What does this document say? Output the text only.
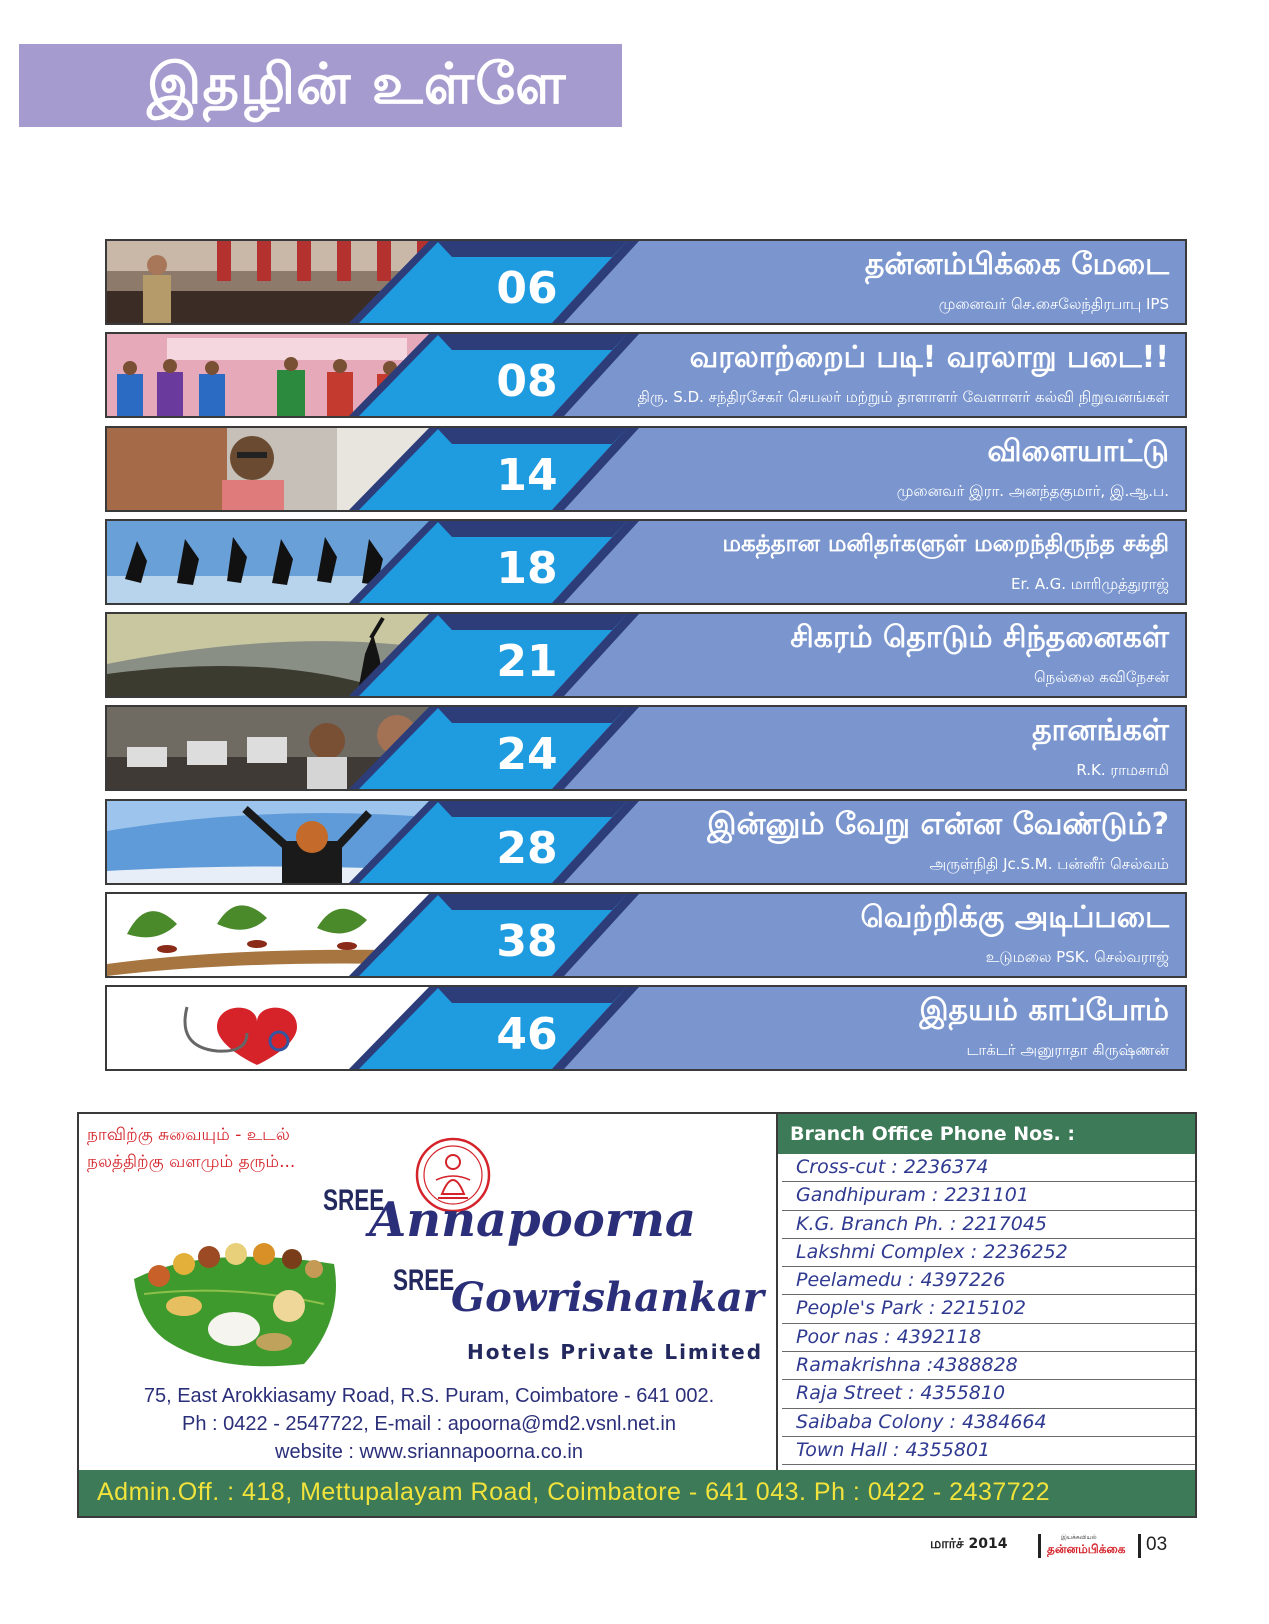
இதழின் உள்ளே
06	தன்னம்பிக்கை மேடை
முனைவர் செ.சைலேந்திரபாபு IPS
08	வரலாற்றைப் படி! வரலாறு படை!!
திரு. S.D. சந்திரசேகர் செயலர் மற்றும் தாளாளர் வேளாளர் கல்வி நிறுவனங்கள்
14	விளையாட்டு
முனைவர் இரா. அனந்தகுமார், இ.ஆ.ப.
18	மகத்தான மனிதர்களுள் மறைந்திருந்த சக்தி
Er. A.G. மாரிமுத்துராஜ்
21	சிகரம் தொடும் சிந்தனைகள்
நெல்லை கவிநேசன்
24	தானங்கள்
R.K. ராமசாமி
28	இன்னும் வேறு என்ன வேண்டும்?
அருள்நிதி Jc.S.M. பன்னீர் செல்வம்
38	வெற்றிக்கு அடிப்படை
உடுமலை PSK. செல்வராஜ்
46	இதயம் காப்போம்
டாக்டர் அனுராதா கிருஷ்ணன்
நாவிற்கு சுவையும் - உடல்
நலத்திற்கு வளமும் தரும்...
SREE
Annapoorna
SREE
Gowrishankar
Hotels Private Limited
75, East Arokkiasamy Road, R.S. Puram, Coimbatore - 641 002.
Ph : 0422 - 2547722, E-mail : apoorna@md2.vsnl.net.in
website : www.sriannapoorna.co.in
Branch Office Phone Nos. :
Cross-cut : 2236374
Gandhipuram : 2231101
K.G. Branch Ph. : 2217045
Lakshmi Complex : 2236252
Peelamedu : 4397226
People's Park : 2215102
Poor nas : 4392118
Ramakrishna :4388828
Raja Street : 4355810
Saibaba Colony : 4384664
Town Hall : 4355801
Admin.Off. : 418, Mettupalayam Road, Coimbatore - 641 043. Ph : 0422 - 2437722
மார்ச் 2014	இயக்கவியல்
தன்னம்பிக்கை 03
